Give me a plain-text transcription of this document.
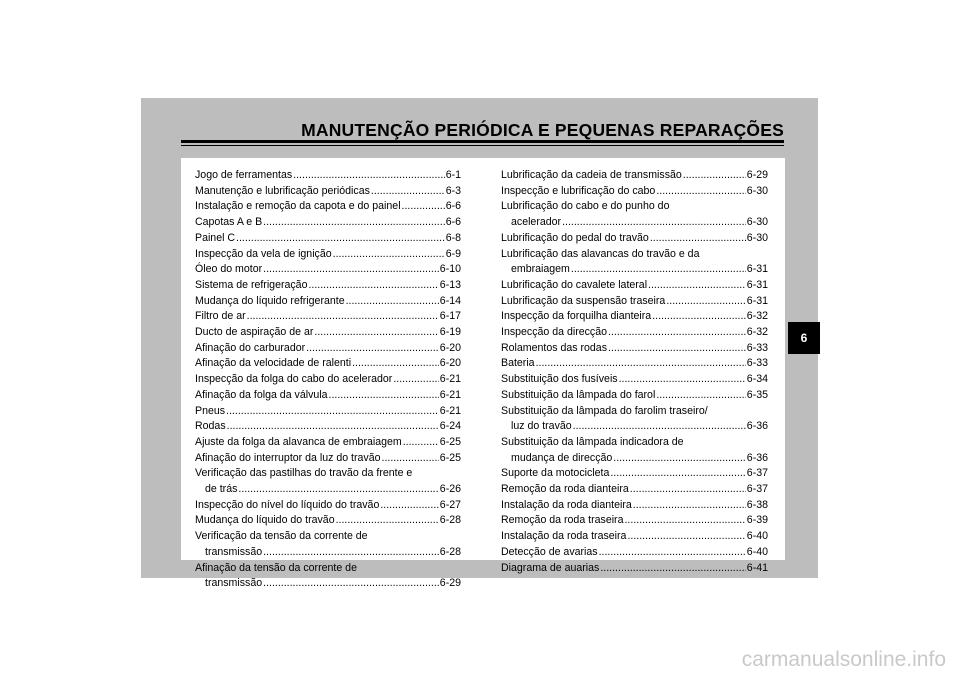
MANUTENÇÃO PERIÓDICA E PEQUENAS REPARAÇÕES
Jogo de ferramentas .....	6-1
Manutenção e lubrificação periódicas .....	6-3
Instalação e remoção da capota e do painel .....	6-6
Capotas A e B .....	6-6
Painel C .....	6-8
Inspecção da vela de ignição .....	6-9
Óleo do motor .....	6-10
Sistema de refrigeração .....	6-13
Mudança do líquido refrigerante .....	6-14
Filtro de ar .....	6-17
Ducto de aspiração de ar .....	6-19
Afinação do carburador .....	6-20
Afinação da velocidade de ralenti .....	6-20
Inspecção da folga do cabo do acelerador .....	6-21
Afinação da folga da válvula .....	6-21
Pneus .....	6-21
Rodas .....	6-24
Ajuste da folga da alavanca de embraiagem .....	6-25
Afinação do interruptor da luz do travão .....	6-25
Verificação das pastilhas do travão da frente e
de trás .....	6-26
Inspecção do nível do líquido do travão .....	6-27
Mudança do líquido do travão .....	6-28
Verificação da tensão da corrente de
transmissão .....	6-28
Afinação da tensão da corrente de
transmissão .....	6-29
Lubrificação da cadeia de transmissão .....	6-29
Inspecção e lubrificação do cabo .....	6-30
Lubrificação do cabo e do punho do
acelerador .....	6-30
Lubrificação do pedal do travão .....	6-30
Lubrificação das alavancas do travão e da
embraiagem .....	6-31
Lubrificação do cavalete lateral .....	6-31
Lubrificação da suspensão traseira .....	6-31
Inspecção da forquilha dianteira .....	6-32
Inspecção da direcção .....	6-32
Rolamentos das rodas .....	6-33
Bateria .....	6-33
Substituição dos fusíveis .....	6-34
Substituição da lâmpada do farol .....	6-35
Substituição da lâmpada do farolim traseiro/
luz do travão .....	6-36
Substituição da lâmpada indicadora de
mudança de direcção .....	6-36
Suporte da motocicleta .....	6-37
Remoção da roda dianteira .....	6-37
Instalação da roda dianteira .....	6-38
Remoção da roda traseira .....	6-39
Instalação da roda traseira .....	6-40
Detecção de avarias .....	6-40
Diagrama de auarias .....	6-41
6
carmanualsonline.info
